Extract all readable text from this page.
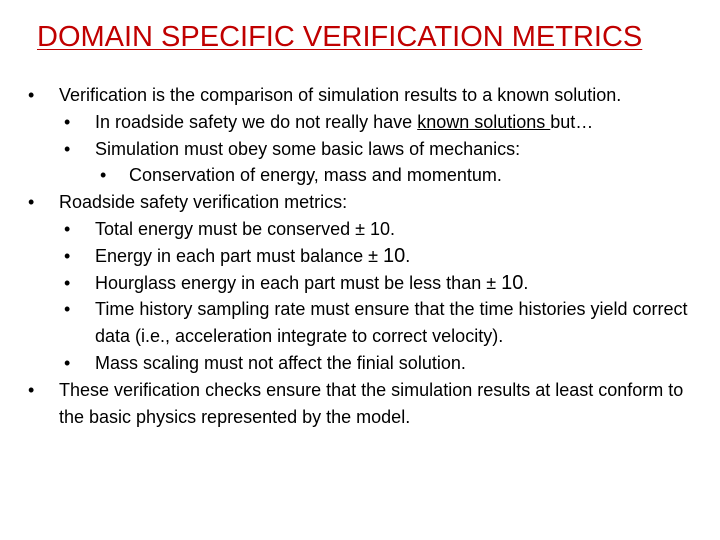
DOMAIN SPECIFIC VERIFICATION METRICS
• Verification is the comparison of simulation results to a known solution.
• In roadside safety we do not really have known solutions but…
• Simulation must obey some basic laws of mechanics:
• Conservation of energy, mass and momentum.
• Roadside safety verification metrics:
• Total energy must be conserved ± 10.
• Energy in each part must balance ± 10.
• Hourglass energy in each part must be less than ± 10.
• Time history sampling rate must ensure that the time histories yield correct data (i.e., acceleration integrate to correct velocity).
• Mass scaling must not affect the finial solution.
• These verification checks ensure that the simulation results at least conform to the basic physics represented by the model.
